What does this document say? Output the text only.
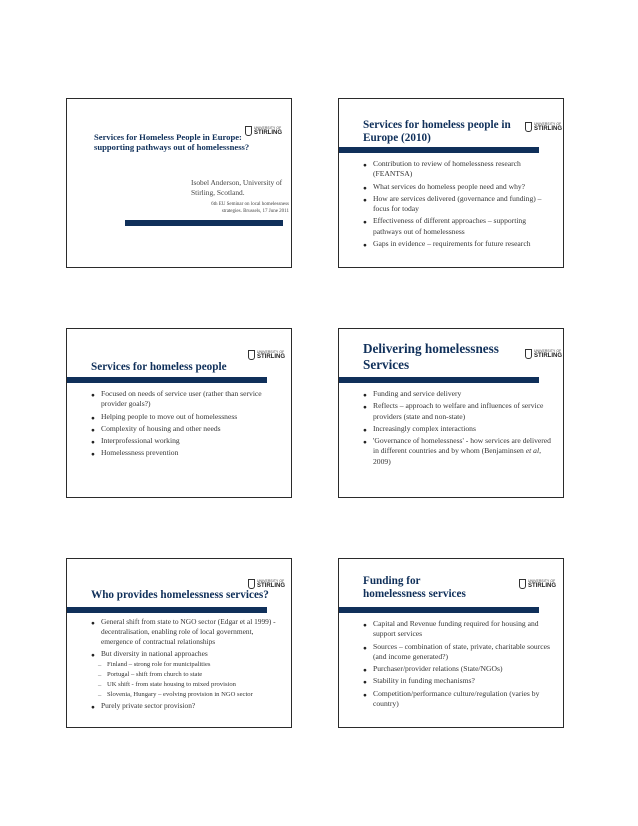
Services for Homeless People in Europe: supporting pathways out of homelessness?
UNIVERSITY OF
STIRLING
Isobel Anderson, University of Stirling, Scotland.
6th EU Seminar on local homelessness strategies. Brussels, 17 June 2011
Services for homeless people in Europe (2010)
UNIVERSITY OF
STIRLING
● Contribution to review of homelessness research (FEANTSA)
● What services do homeless people need and why?
● How are services delivered (governance and funding) – focus for today
● Effectiveness of different approaches – supporting pathways out of homelessness
● Gaps in evidence – requirements for future research
Services for homeless people
UNIVERSITY OF
STIRLING
● Focused on needs of service user (rather than service provider goals?)
● Helping people to move out of homelessness
● Complexity of housing and other needs
● Interprofessional working
● Homelessness prevention
Delivering homelessness Services
UNIVERSITY OF
STIRLING
● Funding and service delivery
● Reflects – approach to welfare and influences of service providers (state and non-state)
● Increasingly complex interactions
● 'Governance of homelessness' - how services are delivered in different countries and by whom (Benjaminsen et al, 2009)
Who provides homelessness services?
UNIVERSITY OF
STIRLING
● General shift from state to NGO sector (Edgar et al 1999) - decentralisation, enabling role of local government, emergence of contractual relationships
● But diversity in national approaches
– Finland – strong role for municipalities
– Portugal – shift from church to state
– UK shift - from state housing to mixed provision
– Slovenia, Hungary – evolving provision in NGO sector
● Purely private sector provision?
Funding for homelessness services
UNIVERSITY OF
STIRLING
● Capital and Revenue funding required for housing and support services
● Sources – combination of state, private, charitable sources (and income generated?)
● Purchaser/provider relations (State/NGOs)
● Stability in funding mechanisms?
● Competition/performance culture/regulation (varies by country)
